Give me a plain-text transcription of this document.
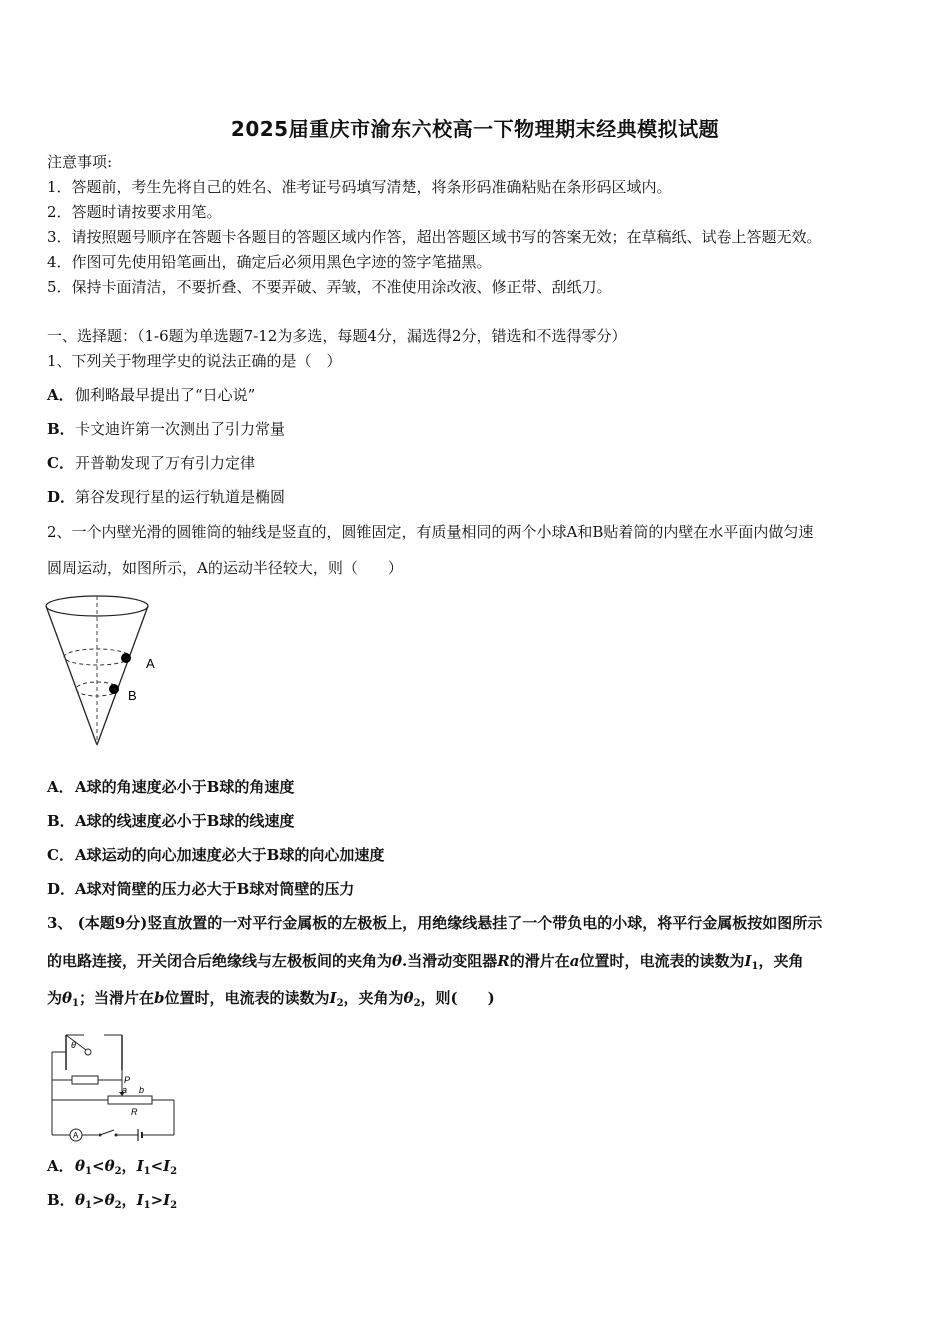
2025届重庆市渝东六校高一下物理期末经典模拟试题
注意事项:
1．答题前，考生先将自己的姓名、准考证号码填写清楚，将条形码准确粘贴在条形码区域内。
2．答题时请按要求用笔。
3．请按照题号顺序在答题卡各题目的答题区域内作答，超出答题区域书写的答案无效；在草稿纸、试卷上答题无效。
4．作图可先使用铅笔画出，确定后必须用黑色字迹的签字笔描黑。
5．保持卡面清洁，不要折叠、不要弄破、弄皱，不准使用涂改液、修正带、刮纸刀。
一、选择题：（1-6题为单选题7-12为多选，每题4分，漏选得2分，错选和不选得零分）
1、下列关于物理学史的说法正确的是（　）
A．伽利略最早提出了“日心说”
B．卡文迪许第一次测出了引力常量
C．开普勒发现了万有引力定律
D．第谷发现行星的运行轨道是椭圆
2、一个内壁光滑的圆锥筒的轴线是竖直的，圆锥固定，有质量相同的两个小球A和B贴着筒的内壁在水平面内做匀速
圆周运动，如图所示，A的运动半径较大，则（　　）
A
B
A．A球的角速度必小于B球的角速度
B．A球的线速度必小于B球的线速度
C．A球运动的向心加速度必大于B球的向心加速度
D．A球对筒壁的压力必大于B球对筒壁的压力
3、 (本题9分)竖直放置的一对平行金属板的左极板上，用绝缘线悬挂了一个带负电的小球，将平行金属板按如图所示
的电路连接，开关闭合后绝缘线与左极板间的夹角为θ.当滑动变阻器R的滑片在a位置时，电流表的读数为$I_1$，夹角
为$\theta_1$；当滑片在b位置时，电流表的读数为$I_2$，夹角为$\theta_2$，则(　　)
θ
P
a b
R
A
A．$\theta_1<\theta_2$，$I_1<I_2$
B．$\theta_1>\theta_2$，$I_1>I_2$
